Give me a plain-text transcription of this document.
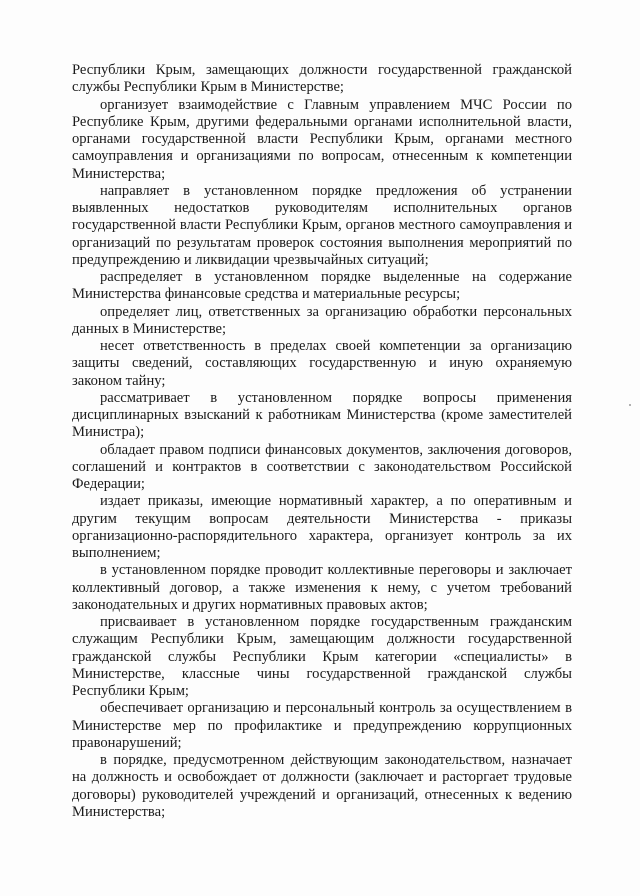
Республики Крым, замещающих должности государственной гражданской службы Республики Крым в Министерстве;

организует взаимодействие с Главным управлением МЧС России по Республике Крым, другими федеральными органами исполнительной власти, органами государственной власти Республики Крым, органами местного самоуправления и организациями по вопросам, отнесенным к компетенции Министерства;

направляет в установленном порядке предложения об устранении выявленных недостатков руководителям исполнительных органов государственной власти Республики Крым, органов местного самоуправления и организаций по результатам проверок состояния выполнения мероприятий по предупреждению и ликвидации чрезвычайных ситуаций;

распределяет в установленном порядке выделенные на содержание Министерства финансовые средства и материальные ресурсы;

определяет лиц, ответственных за организацию обработки персональных данных в Министерстве;

несет ответственность в пределах своей компетенции за организацию защиты сведений, составляющих государственную и иную охраняемую законом тайну;

рассматривает в установленном порядке вопросы применения дисциплинарных взысканий к работникам Министерства (кроме заместителей Министра);

обладает правом подписи финансовых документов, заключения договоров, соглашений и контрактов в соответствии с законодательством Российской Федерации;

издает приказы, имеющие нормативный характер, а по оперативным и другим текущим вопросам деятельности Министерства - приказы организационно-распорядительного характера, организует контроль за их выполнением;

в установленном порядке проводит коллективные переговоры и заключает коллективный договор, а также изменения к нему, с учетом требований законодательных и других нормативных правовых актов;

присваивает в установленном порядке государственным гражданским служащим Республики Крым, замещающим должности государственной гражданской службы Республики Крым категории «специалисты» в Министерстве, классные чины государственной гражданской службы Республики Крым;

обеспечивает организацию и персональный контроль за осуществлением в Министерстве мер по профилактике и предупреждению коррупционных правонарушений;

в порядке, предусмотренном действующим законодательством, назначает на должность и освобождает от должности (заключает и расторгает трудовые договоры) руководителей учреждений и организаций, отнесенных к ведению Министерства;
